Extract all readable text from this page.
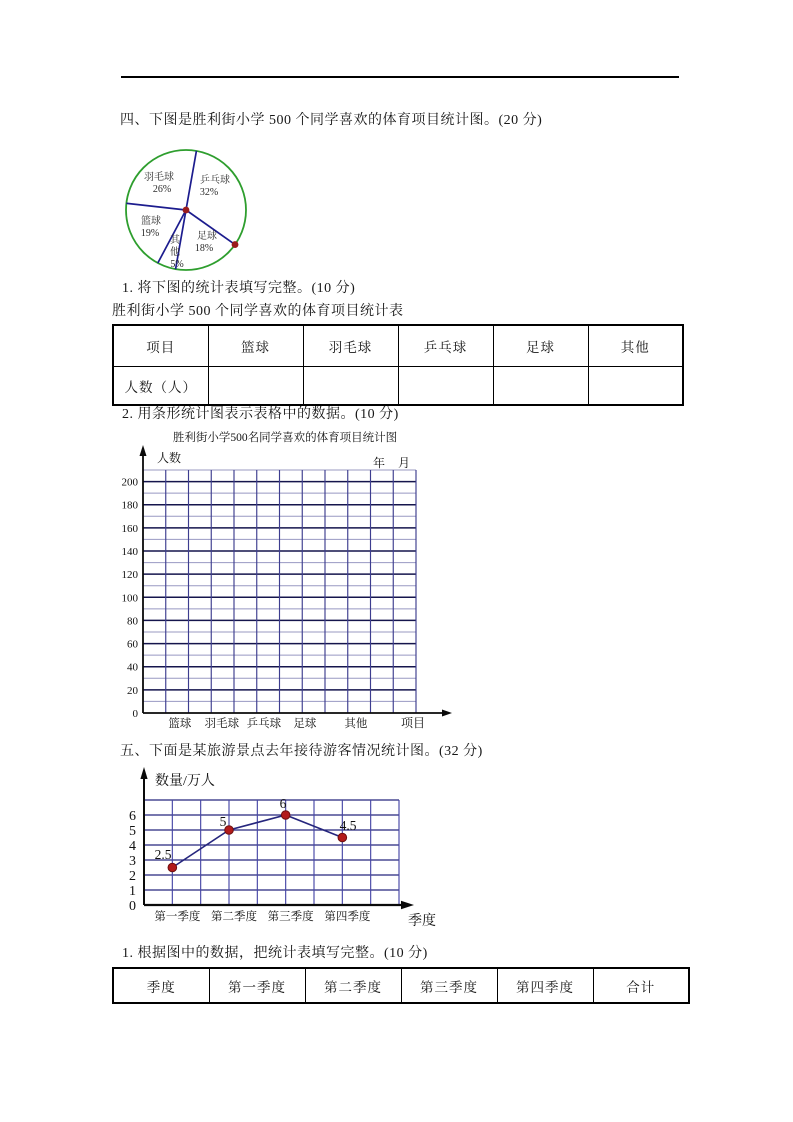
四、下图是胜利街小学 500 个同学喜欢的体育项目统计图。(20 分)
乒乓球
32%
足球
18%
其
他
5%
篮球
19%
羽毛球
26%
1. 将下图的统计表填写完整。(10 分)
胜利街小学 500 个同学喜欢的体育项目统计表
项目	篮球	羽毛球	乒乓球	足球	其他
人数（人）					
2. 用条形统计图表示表格中的数据。(10 分)
胜利街小学500名同学喜欢的体育项目统计图
0
20
40
60
80
100
120
140
160
180
200
篮球 羽毛球 乒乓球 足球 其他
人数	年 月
项目
五、下面是某旅游景点去年接待游客情况统计图。(32 分)
0
1
2
3
4
5
6
第一季度 第二季度 第三季度 第四季度
数量/万人
季度
2.5
5
6
4.5
1. 根据图中的数据，把统计表填写完整。(10 分)
季度	第一季度	第二季度	第三季度	第四季度	合计
